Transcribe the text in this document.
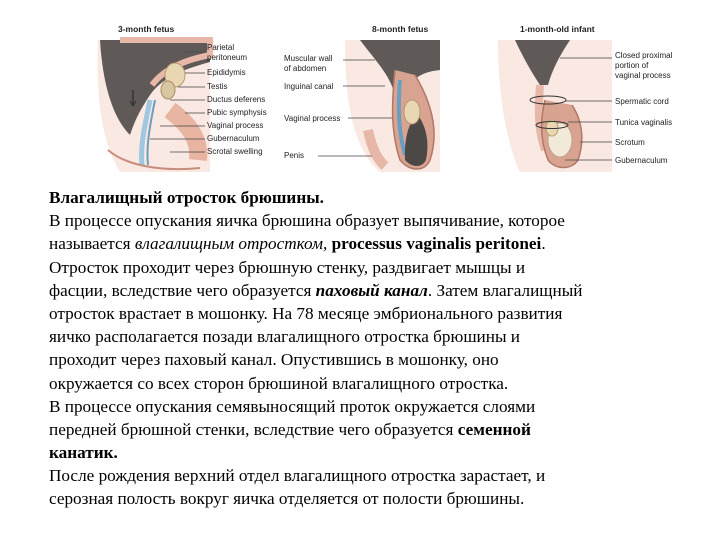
3-month fetus
Parietal
peritoneum
Epididymis
Testis
Ductus deferens
Pubic symphysis
Vaginal process
Gubernaculum
Scrotal swelling
8-month fetus
Muscular wall
of abdomen
Inguinal canal
Vaginal process
Penis
1-month-old infant
Closed proximal
portion of
vaginal process
Spermatic cord
Tunica vaginalis
Scrotum
Gubernaculum
Влагалищный отросток брюшины.
В процессе опускания яичка брюшина образует выпячивание, которое
называется влагалищным отростком, processus vaginalis peritonei.
Отросток проходит через брюшную стенку, раздвигает мышцы и
фасции, вследствие чего образуется паховый канал. Затем влагалищный
отросток врастает в мошонку. На 78 месяце эмбрионального развития
яичко располагается позади влагалищного отростка брюшины и
проходит через паховый канал. Опустившись в мошонку, оно
окружается со всех сторон брюшиной влагалищного отростка.
В процессе опускания семявыносящий проток окружается слоями
передней брюшной стенки, вследствие чего образуется семенной
канатик.
После рождения верхний отдел влагалищного отростка зарастает, и
серозная полость вокруг яичка отделяется от полости брюшины.
